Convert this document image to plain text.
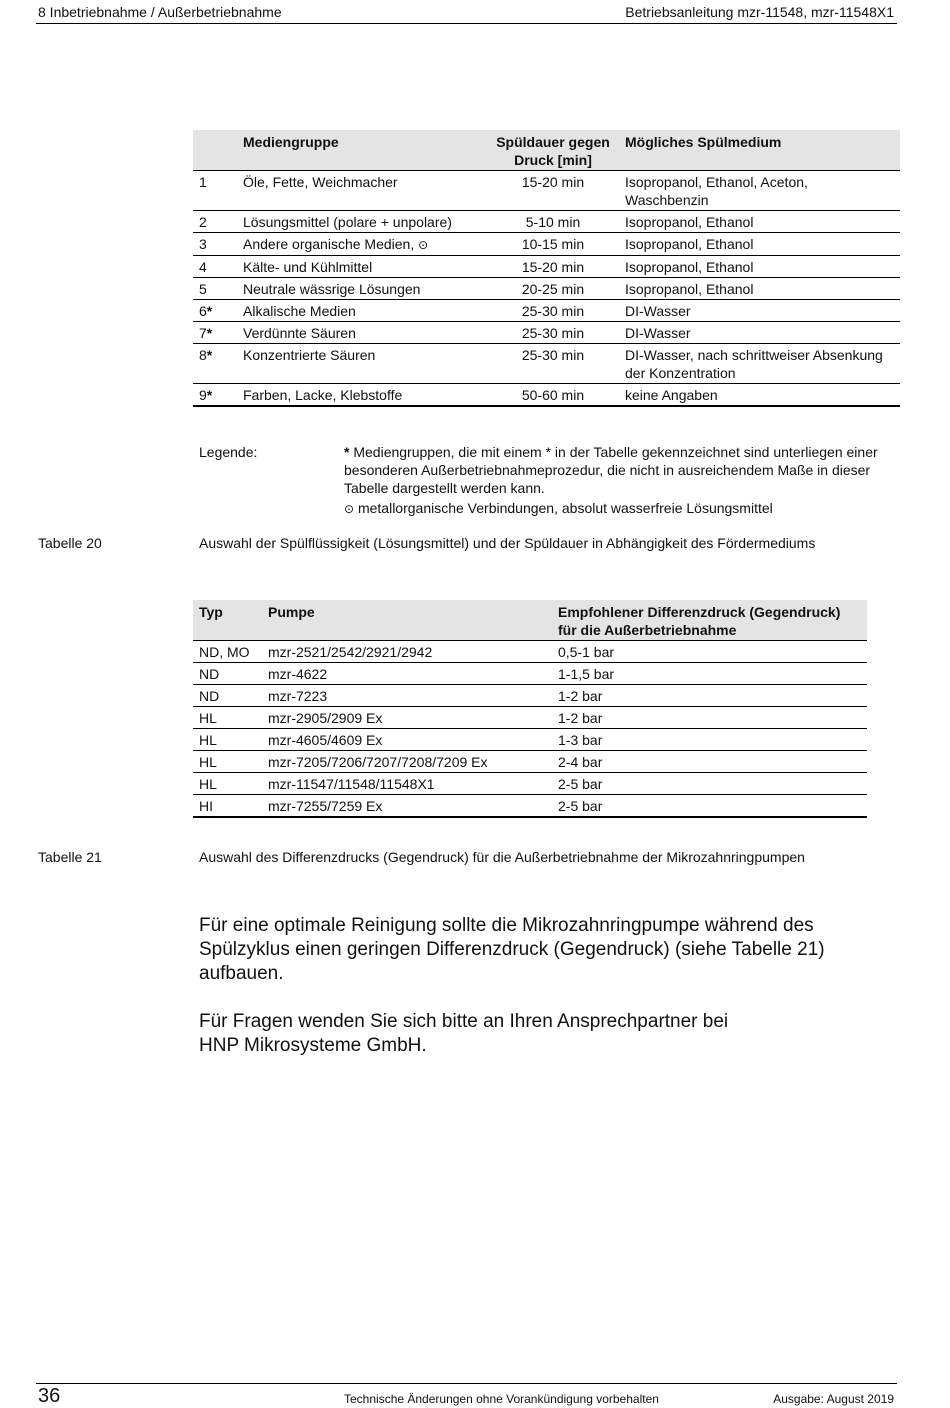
8 Inbetriebnahme / Außerbetriebnahme	Betriebsanleitung mzr-11548, mzr-11548X1
	Mediengruppe	Spüldauer gegen Druck [min]	Mögliches Spülmedium
1	Öle, Fette, Weichmacher	15-20 min	Isopropanol, Ethanol, Aceton, Waschbenzin
2	Lösungsmittel (polare + unpolare)	5-10 min	Isopropanol, Ethanol
3	Andere organische Medien, ⊙	10-15 min	Isopropanol, Ethanol
4	Kälte- und Kühlmittel	15-20 min	Isopropanol, Ethanol
5	Neutrale wässrige Lösungen	20-25 min	Isopropanol, Ethanol
6*	Alkalische Medien	25-30 min	DI-Wasser
7*	Verdünnte Säuren	25-30 min	DI-Wasser
8*	Konzentrierte Säuren	25-30 min	DI-Wasser, nach schrittweiser Absenkung der Konzentration
9*	Farben, Lacke, Klebstoffe	50-60 min	keine Angaben
Legende:	* Mediengruppen, die mit einem * in der Tabelle gekennzeichnet sind unterliegen einer besonderen Außerbetriebnahmeprozedur, die nicht in ausreichendem Maße in dieser Tabelle dargestellt werden kann.
⊙ metallorganische Verbindungen, absolut wasserfreie Lösungsmittel
Tabelle 20	Auswahl der Spülflüssigkeit (Lösungsmittel) und der Spüldauer in Abhängigkeit des Fördermediums
Typ	Pumpe	Empfohlener Differenzdruck (Gegendruck) für die Außerbetriebnahme
ND, MO	mzr-2521/2542/2921/2942	0,5-1 bar
ND	mzr-4622	1-1,5 bar
ND	mzr-7223	1-2 bar
HL	mzr-2905/2909 Ex	1-2 bar
HL	mzr-4605/4609 Ex	1-3 bar
HL	mzr-7205/7206/7207/7208/7209 Ex	2-4 bar
HL	mzr-11547/11548/11548X1	2-5 bar
HI	mzr-7255/7259 Ex	2-5 bar
Tabelle 21	Auswahl des Differenzdrucks (Gegendruck) für die Außerbetriebnahme der Mikrozahnringpumpen
Für eine optimale Reinigung sollte die Mikrozahnringpumpe während des Spülzyklus einen geringen Differenzdruck (Gegendruck) (siehe Tabelle 21) aufbauen.
Für Fragen wenden Sie sich bitte an Ihren Ansprechpartner bei HNP Mikrosysteme GmbH.
36	Technische Änderungen ohne Vorankündigung vorbehalten	Ausgabe: August 2019
